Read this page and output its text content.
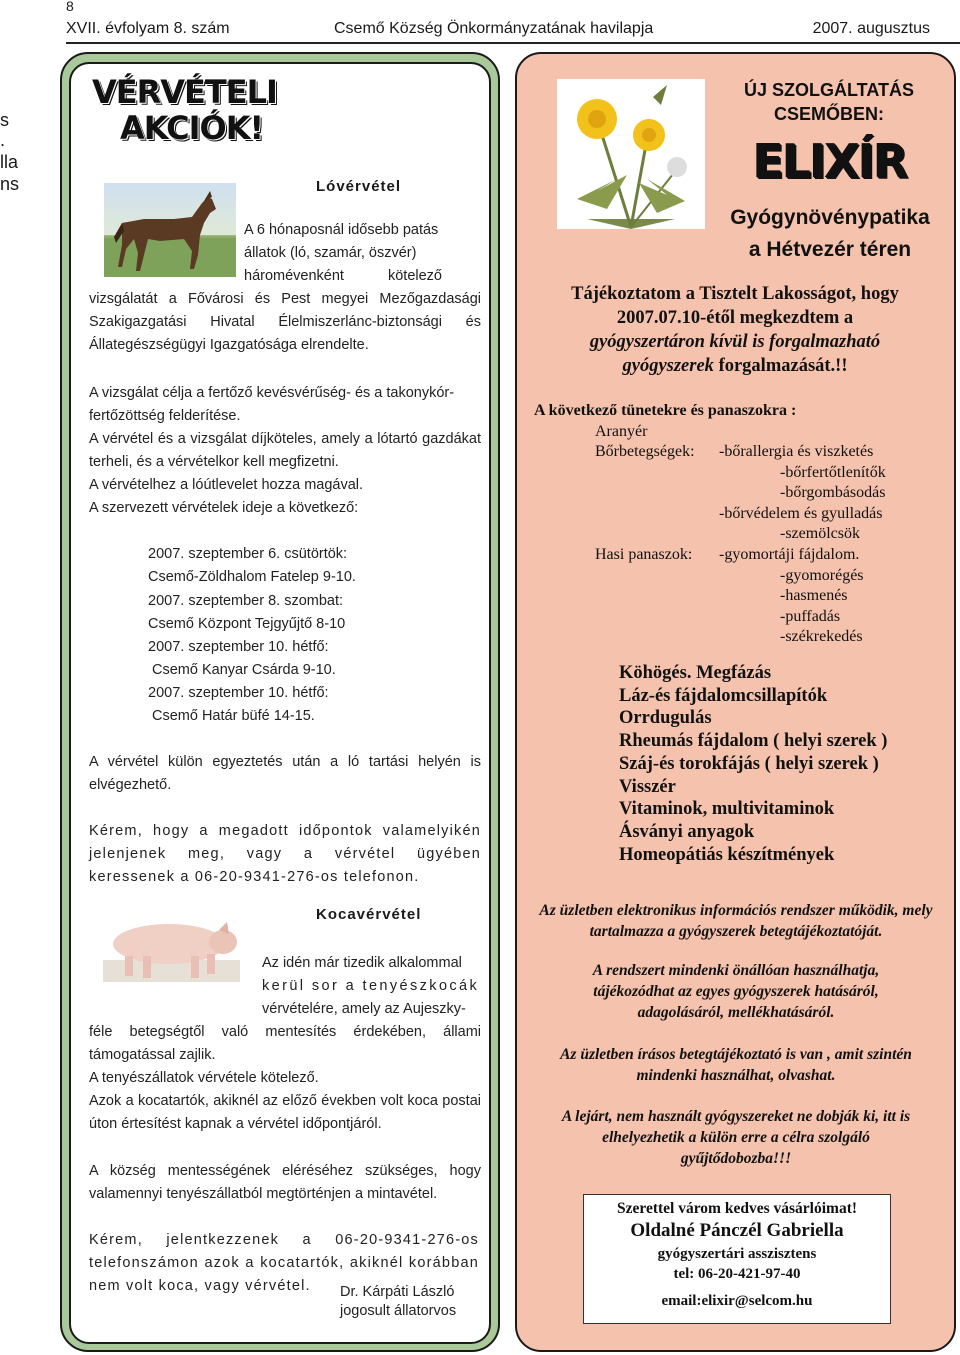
8
XVII. évfolyam 8. szám	Csemő Község Önkormányzatának havilapja	2007. augusztus
s
.
lla
ns
VÉRVÉTELI
AKCIÓK!
Lóvérvétel

A 6 hónaposnál idősebb patás

állatok (ló, szamár, öszvér)

háromévenként kötelező

vizsgálatát a Fővárosi és Pest megyei Mezőgazdasági Szakigazgatási Hivatal Élelmiszerlánc-biztonsági és Állategészségügyi Igazgatósága elrendelte.

A vizsgálat célja a fertőző kevésvérűség- és a takonykór-fertőzöttség felderítése.

A vérvétel és a vizsgálat díjköteles, amely a lótartó gazdákat terheli, és a vérvételkor kell megfizetni.

A vérvételhez a lóútlevelet hozza magával.

A szervezett vérvételek ideje a következő:

2007. szeptember 6. csütörtök:
Csemő-Zöldhalom Fatelep 9-10.
2007. szeptember 8. szombat:
Csemő Központ Tejgyűjtő 8-10
2007. szeptember 10. hétfő:
Csemő Kanyar Csárda 9-10.
2007. szeptember 10. hétfő:
Csemő Határ büfé 14-15.

A vérvétel külön egyeztetés után a ló tartási helyén is elvégezhető.

Kérem, hogy a megadott időpontok valamelyikén jelenjenek meg, vagy a vérvétel ügyében keressenek a 06-20-9341-276-os telefonon.

Kocavérvétel

Az idén már tizedik alkalommal

kerül sor a tenyészkocák

vérvételére, amely az Aujeszky-

féle betegségtől való mentesítés érdekében, állami támogatással zajlik.

A tenyészállatok vérvétele kötelező.

Azok a kocatartók, akiknél az előző években volt koca postai úton értesítést kapnak a vérvétel időpontjáról.

A község mentességének eléréséhez szükséges, hogy valamennyi tenyészállatból megtörténjen a mintavétel.

Kérem, jelentkezzenek a 06-20-9341-276-os telefonszámon azok a kocatartók, akiknél korábban nem volt koca, vagy vérvétel.	Dr. Kárpáti László
jogosult állatorvos
ÚJ SZOLGÁLTATÁS
CSEMŐBEN:
ELIXÍR
Gyógynövénypatika
a Hétvezér téren
Tájékoztatom a Tisztelt Lakosságot, hogy
2007.07.10-étől megkezdtem a
gyógyszertáron kívül is forgalmazható
gyógyszerek forgalmazását.!!
A következő tünetekre és panaszokra :
Aranyér
Bőrbetegségek: -bőrallergia és viszketés
-bőrfertőtlenítők
-bőrgombásodás
-bőrvédelem és gyulladás
-szemölcsök
Hasi panaszok: -gyomortáji fájdalom.
-gyomorégés
-hasmenés
-puffadás
-székrekedés
Köhögés. Megfázás
Láz-és fájdalomcsillapítók
Orrdugulás
Rheumás fájdalom ( helyi szerek )
Száj-és torokfájás ( helyi szerek )
Visszér
Vitaminok, multivitaminok
Ásványi anyagok
Homeopátiás készítmények

Az üzletben elektronikus információs rendszer működik, mely tartalmazza a gyógyszerek betegtájékoztatóját.

A rendszert mindenki önállóan használhatja, tájékozódhat az egyes gyógyszerek hatásáról, adagolásáról, mellékhatásáról.

Az üzletben írásos betegtájékoztató is van , amit szintén mindenki használhat, olvashat.

A lejárt, nem használt gyógyszereket ne dobják ki, itt is elhelyezhetik a külön erre a célra szolgáló gyűjtődobozba!!!

Szerettel várom kedves vásárlóimat!
Oldalné Pánczél Gabriella
gyógyszertári asszisztens
tel: 06-20-421-97-40
email:elixir@selcom.hu
